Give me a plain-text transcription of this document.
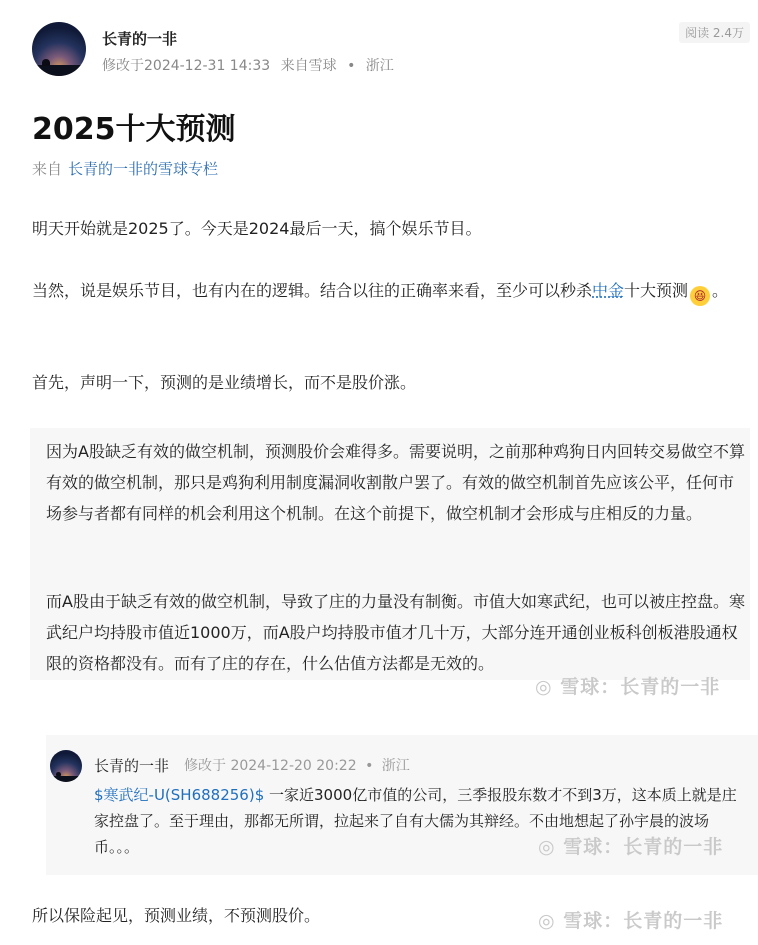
长青的一非
修改于2024-12-31 14:33 来自雪球 • 浙江
阅读 2.4万
2025十大预测
来自 长青的一非的雪球专栏

明天开始就是2025了。今天是2024最后一天，搞个娱乐节目。

当然，说是娱乐节目，也有内在的逻辑。结合以往的正确率来看，至少可以秒杀中金十大预测 😆 。

首先，声明一下，预测的是业绩增长，而不是股价涨。

因为A股缺乏有效的做空机制，预测股价会难得多。需要说明，之前那种鸡狗日内回转交易做空不算有效的做空机制，那只是鸡狗利用制度漏洞收割散户罢了。有效的做空机制首先应该公平，任何市场参与者都有同样的机会利用这个机制。在这个前提下，做空机制才会形成与庄相反的力量。

而A股由于缺乏有效的做空机制，导致了庄的力量没有制衡。市值大如寒武纪，也可以被庄控盘。寒武纪户均持股市值近1000万，而A股户均持股市值才几十万，大部分连开通创业板科创板港股通权限的资格都没有。而有了庄的存在，什么估值方法都是无效的。

◎ 雪球：长青的一非
长青的一非 修改于 2024-12-20 20:22 • 浙江

$寒武纪-U(SH688256)$ 一家近3000亿市值的公司，三季报股东数才不到3万，这本质上就是庄家控盘了。至于理由，那都无所谓，拉起来了自有大儒为其辩经。不由地想起了孙宇晨的波场币。。。	◎ 雪球：长青的一非

所以保险起见，预测业绩，不预测股价。	◎ 雪球：长青的一非
